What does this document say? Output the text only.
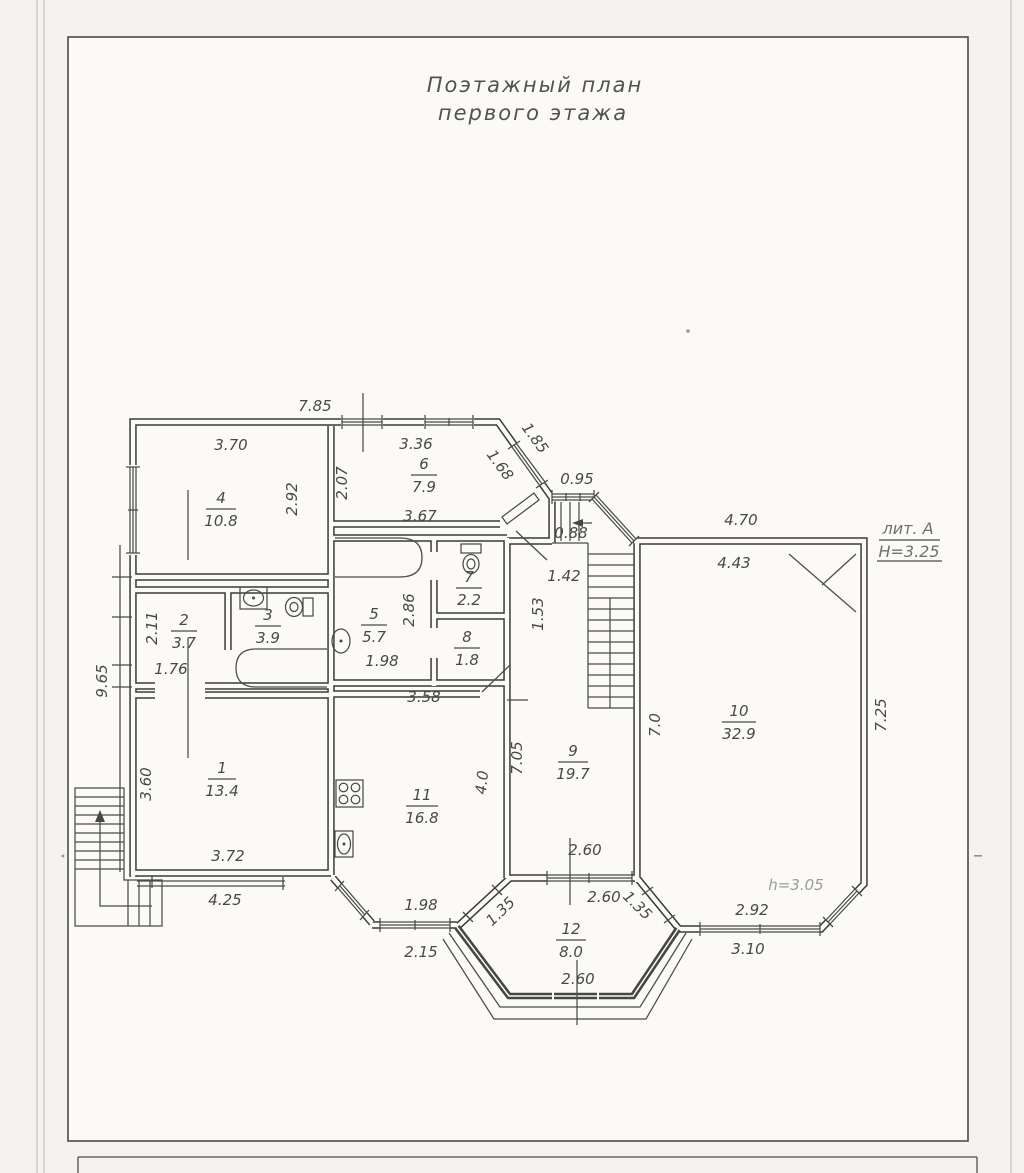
Поэтажный план
первого этажа
7.85
3.70
2.92 2.07
3.36
3.67
1.68
1.85
0.95
0.88
4.70
4.43
1.42
1.53
2.86
2.11
1.76
9.65
1.98
3.58
7.05
7.0	7.25
3.60	4.0
3.72
4.25	1.98
2.15
2.60
2.60
1.35	1.35
2.60
2.92
3.10
h=3.05
лит. А
Н=3.25
1
13.4
2
3.7
3
3.9
4
10.8
5
5.7
6
7.9
7
2.2
8
1.8
9
19.7
10
32.9
11
16.8
12
8.0
